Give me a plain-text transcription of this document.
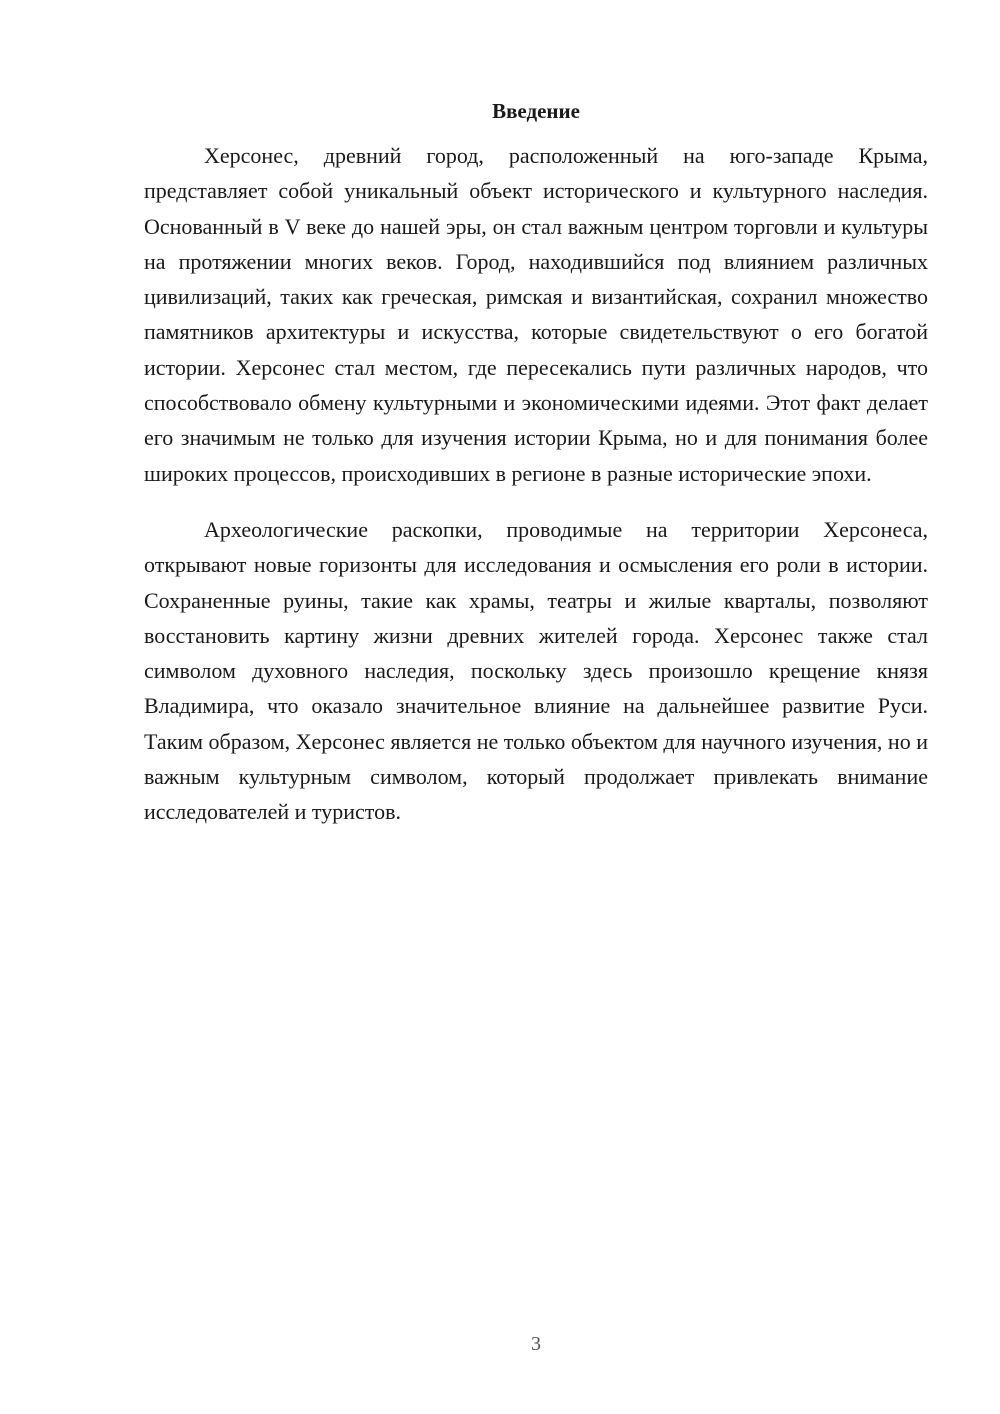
Введение

Херсонес, древний город, расположенный на юго-западе Крыма, представляет собой уникальный объект исторического и культурного наследия. Основанный в V веке до нашей эры, он стал важным центром торговли и культуры на протяжении многих веков. Город, находившийся под влиянием различных цивилизаций, таких как греческая, римская и византийская, сохранил множество памятников архитектуры и искусства, которые свидетельствуют о его богатой истории. Херсонес стал местом, где пересекались пути различных народов, что способствовало обмену культурными и экономическими идеями. Этот факт делает его значимым не только для изучения истории Крыма, но и для понимания более широких процессов, происходивших в регионе в разные исторические эпохи.

Археологические раскопки, проводимые на территории Херсонеса, открывают новые горизонты для исследования и осмысления его роли в истории. Сохраненные руины, такие как храмы, театры и жилые кварталы, позволяют восстановить картину жизни древних жителей города. Херсонес также стал символом духовного наследия, поскольку здесь произошло крещение князя Владимира, что оказало значительное влияние на дальнейшее развитие Руси. Таким образом, Херсонес является не только объектом для научного изучения, но и важным культурным символом, который продолжает привлекать внимание исследователей и туристов.

3
